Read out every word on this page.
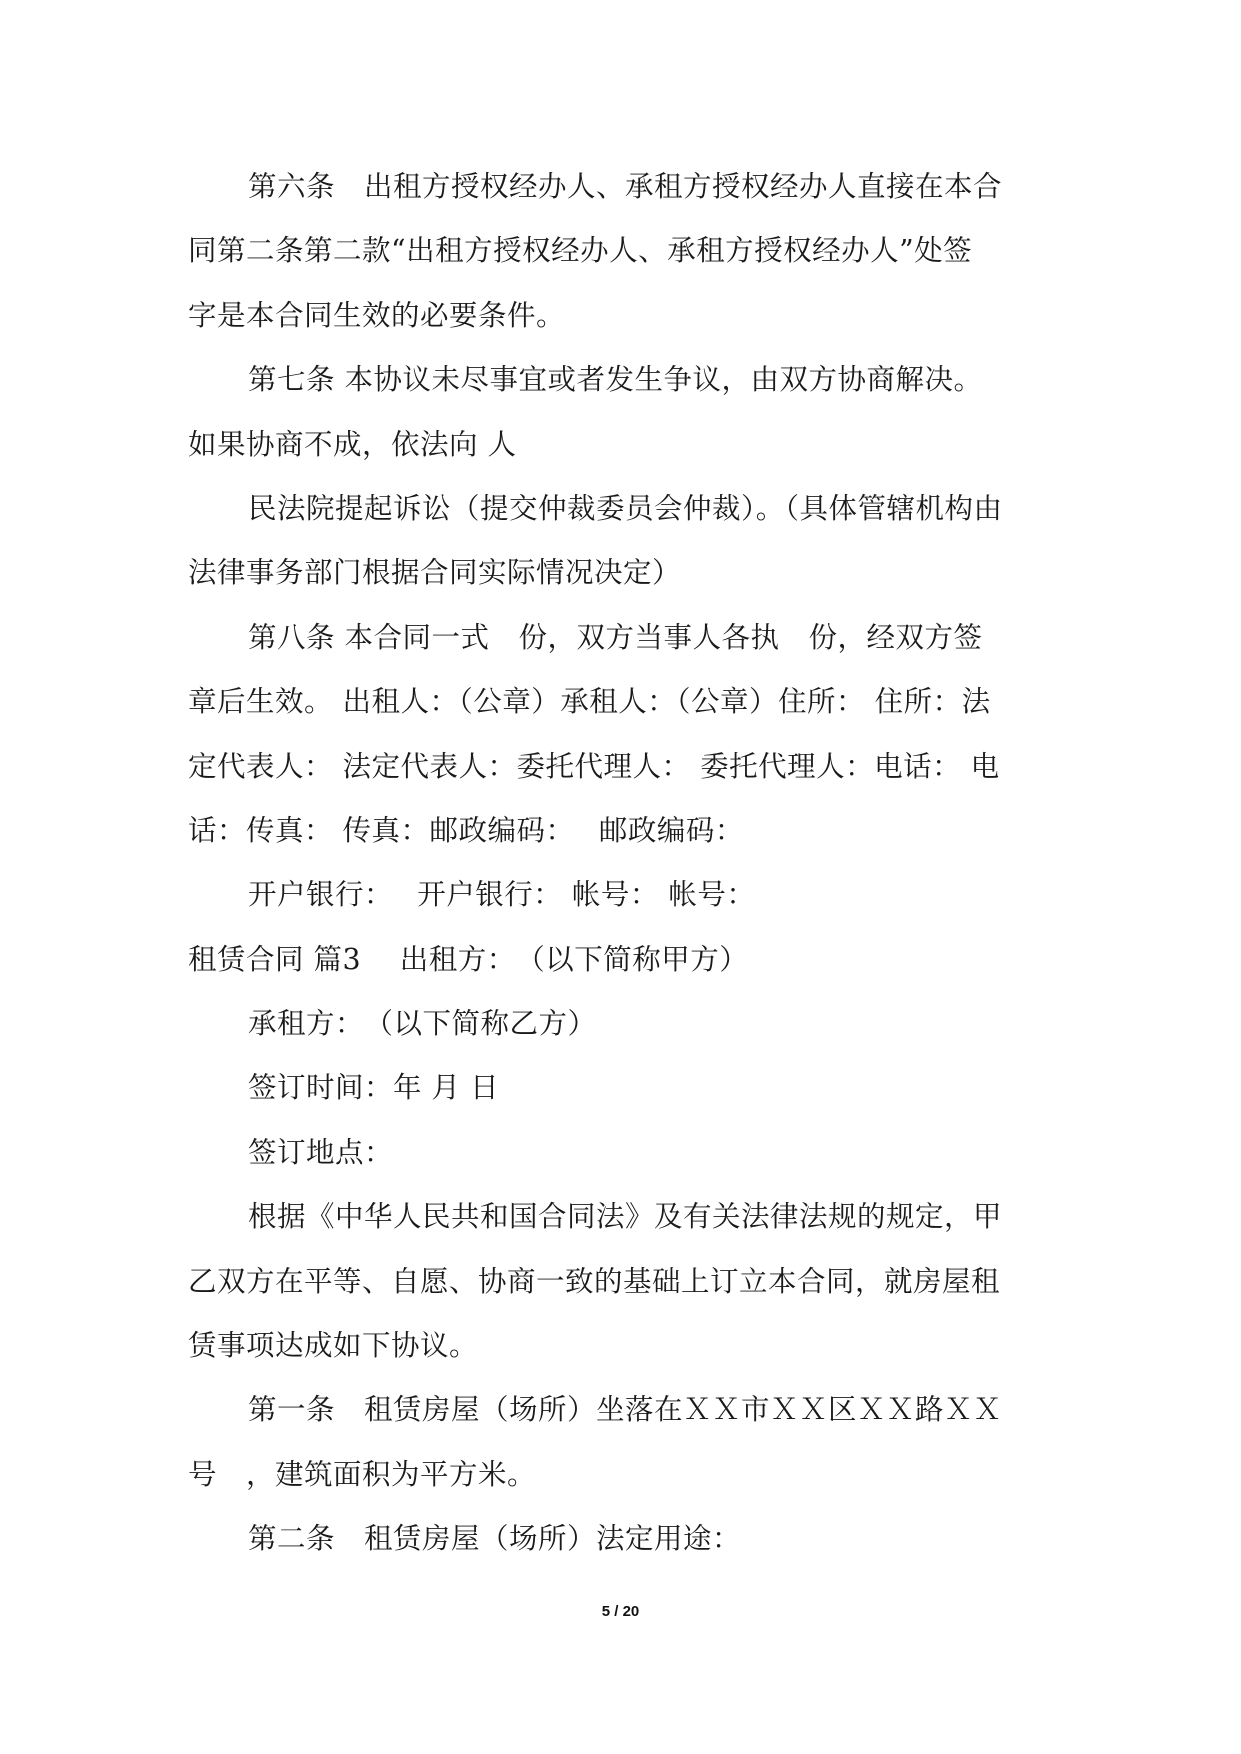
第六条　出租方授权经办人、承租方授权经办人直接在本合
同第二条第二款“出租方授权经办人、承租方授权经办人”处签
字是本合同生效的必要条件。
第七条 本协议未尽事宜或者发生争议，由双方协商解决。
如果协商不成，依法向 人
民法院提起诉讼（提交仲裁委员会仲裁）。（具体管辖机构由
法律事务部门根据合同实际情况决定）
第八条 本合同一式　份，双方当事人各执　份，经双方签
章后生效。 出租人：（公章）承租人：（公章）住所： 住所：法
定代表人： 法定代表人：委托代理人： 委托代理人：电话： 电
话：传真： 传真：邮政编码：　 邮政编码：
开户银行：　 开户银行： 帐号： 帐号：
租赁合同 篇3　 出租方：　（以下简称甲方）
承租方：　（以下简称乙方）
签订时间：年 月 日
签订地点：
根据《中华人民共和国合同法》及有关法律法规的规定，甲
乙双方在平等、自愿、协商一致的基础上订立本合同，就房屋租
赁事项达成如下协议。
第一条　租赁房屋（场所）坐落在ＸＸ市ＸＸ区ＸＸ路ＸＸ
号　，建筑面积为平方米。
第二条　租赁房屋（场所）法定用途：
5 / 20
